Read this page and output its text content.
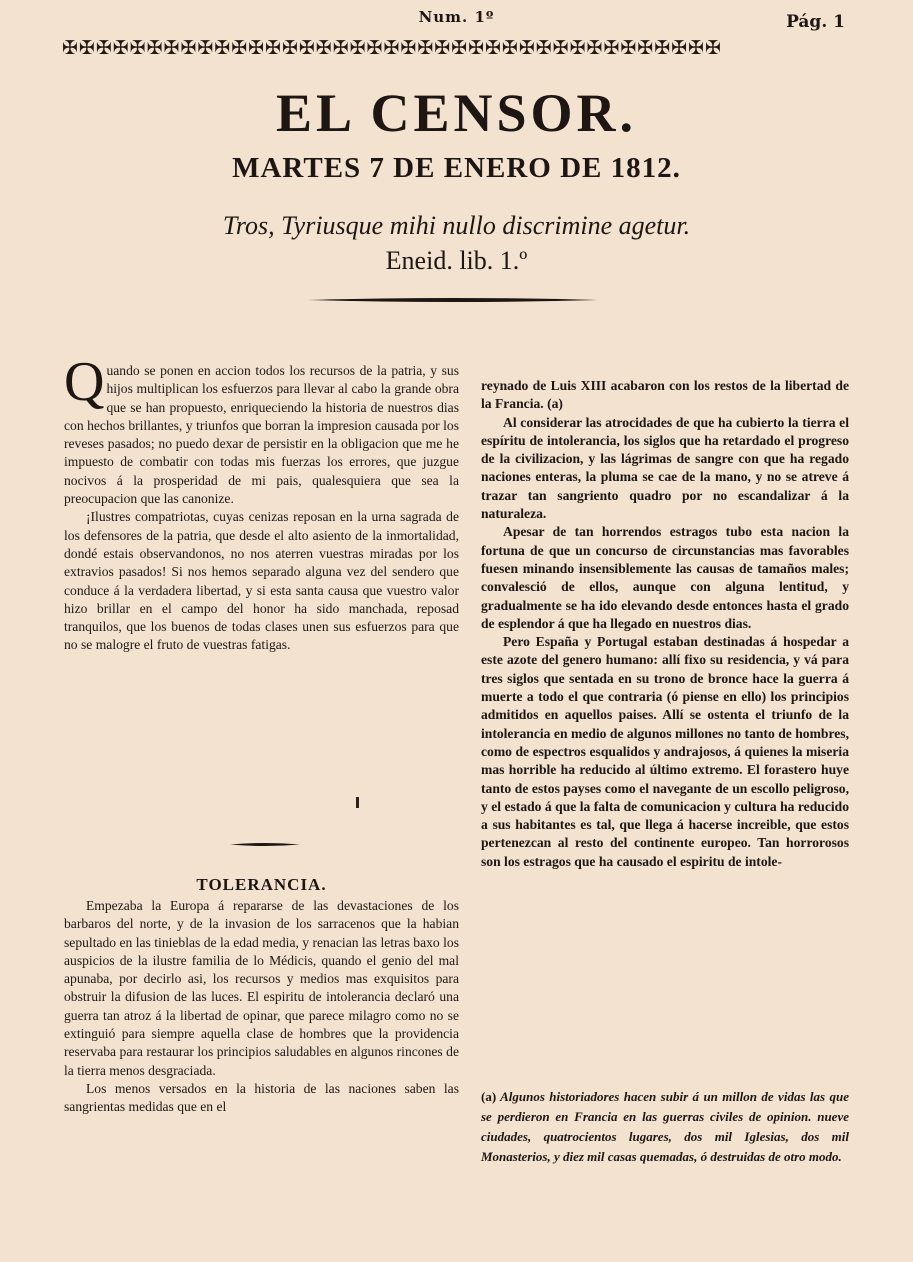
Num. 1º	Pág. 1
✠✠✠✠✠✠✠✠✠✠✠✠✠✠✠✠✠✠✠✠✠✠✠✠✠✠✠✠✠✠✠✠✠✠✠✠✠✠✠
EL CENSOR.
MARTES 7 DE ENERO DE 1812.
Tros, Tyriusque mihi nullo discrimine agetur.
Eneid. lib. 1.º

Quando se ponen en accion todos los recursos de la patria, y sus hijos multiplican los esfuerzos para llevar al cabo la grande obra que se han propuesto, enriqueciendo la historia de nuestros dias con hechos brillantes, y triunfos que borran la impresion causada por los reveses pasados; no puedo dexar de persistir en la obligacion que me he impuesto de combatir con todas mis fuerzas los errores, que juzgue nocivos á la prosperidad de mi pais, qualesquiera que sea la preocupacion que las canonize.

¡Ilustres compatriotas, cuyas cenizas reposan en la urna sagrada de los defensores de la patria, que desde el alto asiento de la inmortalidad, dondé estais observandonos, no nos aterren vuestras miradas por los extravios pasados! Si nos hemos separado alguna vez del sendero que conduce á la verdadera libertad, y si esta santa causa que vuestro valor hizo brillar en el campo del honor ha sido manchada, reposad tranquilos, que los buenos de todas clases unen sus esfuerzos para que no se malogre el fruto de vuestras fatigas.

TOLERANCIA.

Empezaba la Europa á repararse de las devastaciones de los barbaros del norte, y de la invasion de los sarracenos que la habian sepultado en las tinieblas de la edad media, y renacian las letras baxo los auspicios de la ilustre familia de lo Médicis, quando el genio del mal apunaba, por decirlo asi, los recursos y medios mas exquisitos para obstruir la difusion de las luces. El espiritu de intolerancia declaró una guerra tan atroz á la libertad de opinar, que parece milagro como no se extinguió para siempre aquella clase de hombres que la providencia reservaba para restaurar los principios saludables en algunos rincones de la tierra menos desgraciada.

Los menos versados en la historia de las naciones saben las sangrientas medidas que en el

reynado de Luis XIII acabaron con los restos de la libertad de la Francia. (a)

Al considerar las atrocidades de que ha cubierto la tierra el espíritu de intolerancia, los siglos que ha retardado el progreso de la civilizacion, y las lágrimas de sangre con que ha regado naciones enteras, la pluma se cae de la mano, y no se atreve á trazar tan sangriento quadro por no escandalizar á la naturaleza.

Apesar de tan horrendos estragos tubo esta nacion la fortuna de que un concurso de circunstancias mas favorables fuesen minando insensiblemente las causas de tamaños males; convalesció de ellos, aunque con alguna lentitud, y gradualmente se ha ido elevando desde entonces hasta el grado de esplendor á que ha llegado en nuestros dias.

Pero España y Portugal estaban destinadas á hospedar a este azote del genero humano: allí fixo su residencia, y vá para tres siglos que sentada en su trono de bronce hace la guerra á muerte a todo el que contraria (ó piense en ello) los principios admitidos en aquellos paises. Allí se ostenta el triunfo de la intolerancia en medio de algunos millones no tanto de hombres, como de espectros esqualidos y andrajosos, á quienes la miseria mas horrible ha reducido al último extremo. El forastero huye tanto de estos payses como el navegante de un escollo peligroso, y el estado á que la falta de comunicacion y cultura ha reducido a sus habitantes es tal, que llega á hacerse increible, que estos pertenezcan al resto del continente europeo. Tan horrorosos son los estragos que ha causado el espiritu de intole-

(a) Algunos historiadores hacen subir á un millon de vidas las que se perdieron en Francia en las guerras civiles de opinion. nueve ciudades, quatrocientos lugares, dos mil Iglesias, dos mil Monasterios, y diez mil casas quemadas, ó destruidas de otro modo.
